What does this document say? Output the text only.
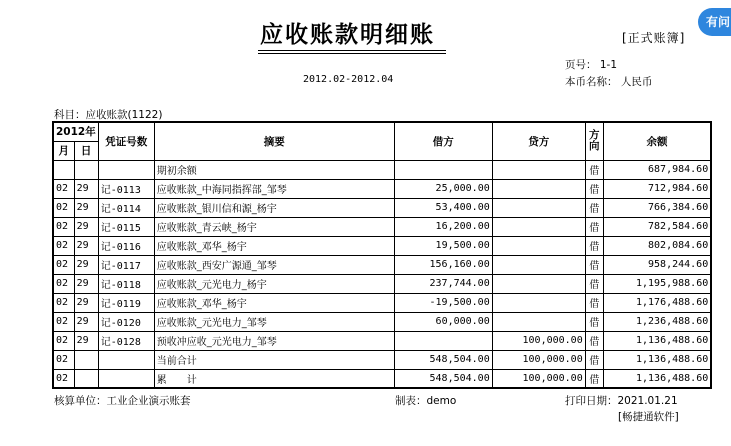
应收账款明细账	[正式账簿]
有问
2012.02-2012.04
页号： 1-1
本币名称： 人民币
科目：应收账款(1122)
2012年		凭证号数	摘要	借方	贷方	方向	余额
月	日						
			期初余额			借	687,984.60
02	29	记-0113	应收账款_中海同指挥部_邹琴	25,000.00		借	712,984.60
02	29	记-0114	应收账款_银川信和源_杨宇	53,400.00		借	766,384.60
02	29	记-0115	应收账款_青云峡_杨宇	16,200.00		借	782,584.60
02	29	记-0116	应收账款_邓华_杨宇	19,500.00		借	802,084.60
02	29	记-0117	应收账款_西安广源通_邹琴	156,160.00		借	958,244.60
02	29	记-0118	应收账款_元光电力_杨宇	237,744.00		借	1,195,988.60
02	29	记-0119	应收账款_邓华_杨宇	-19,500.00		借	1,176,488.60
02	29	记-0120	应收账款_元光电力_邹琴	60,000.00		借	1,236,488.60
02	29	记-0128	预收冲应收_元光电力_邹琴		100,000.00	借	1,136,488.60
02			当前合计	548,504.00	100,000.00	借	1,136,488.60
02			累　　计	548,504.00	100,000.00	借	1,136,488.60
核算单位：工业企业演示账套	制表：demo	打印日期：2021.01.21
[畅捷通软件]
